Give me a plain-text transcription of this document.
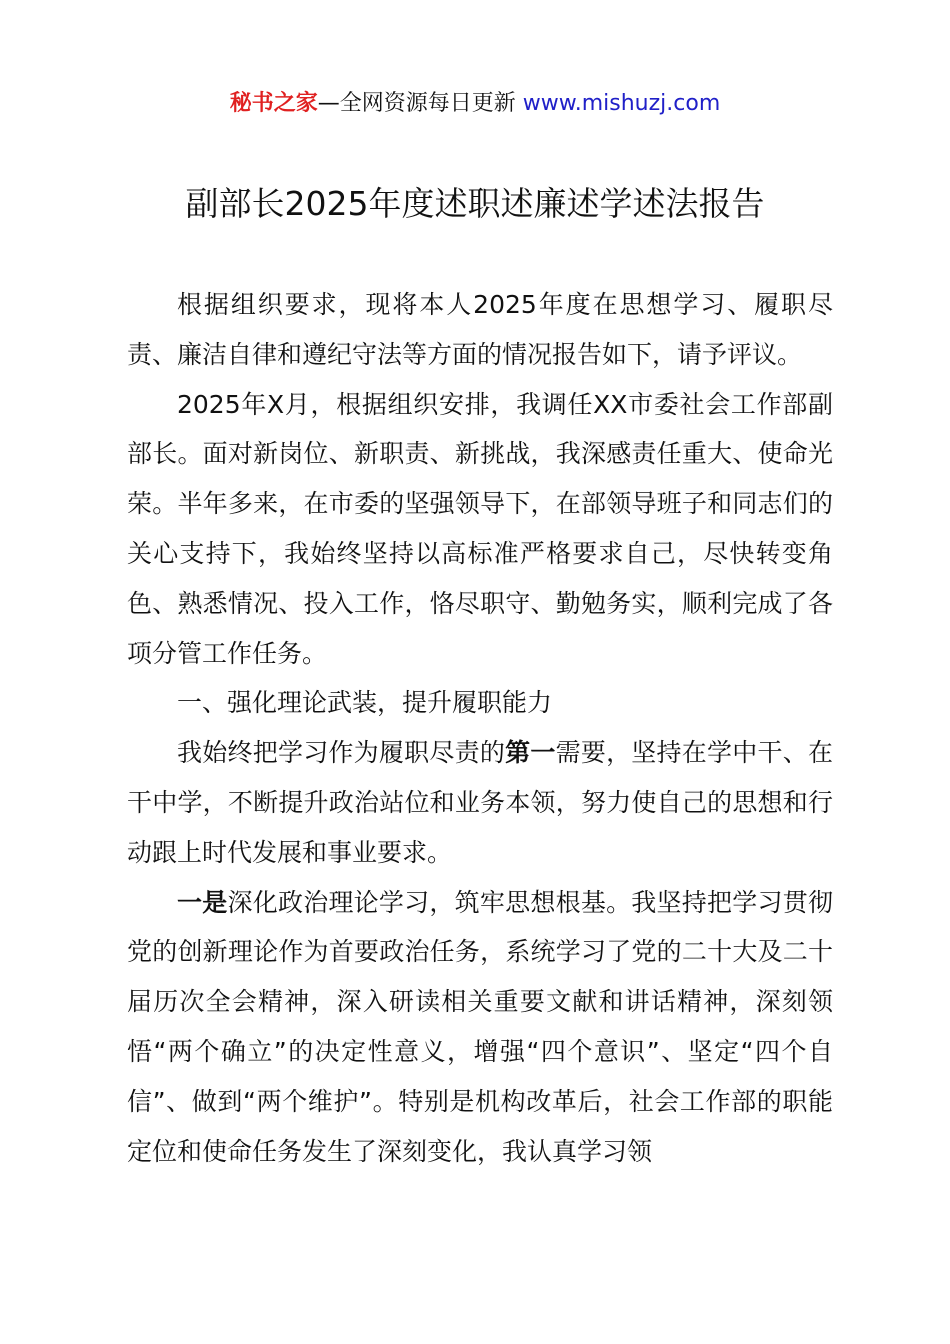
秘书之家—全网资源每日更新 www.mishuzj.com
副部长2025年度述职述廉述学述法报告

根据组织要求，现将本人2025年度在思想学习、履职尽责、廉洁自律和遵纪守法等方面的情况报告如下，请予评议。

2025年X月，根据组织安排，我调任XX市委社会工作部副部长。面对新岗位、新职责、新挑战，我深感责任重大、使命光荣。半年多来，在市委的坚强领导下，在部领导班子和同志们的关心支持下，我始终坚持以高标准严格要求自己，尽快转变角色、熟悉情况、投入工作，恪尽职守、勤勉务实，顺利完成了各项分管工作任务。

一、强化理论武装，提升履职能力

我始终把学习作为履职尽责的第一需要，坚持在学中干、在干中学，不断提升政治站位和业务本领，努力使自己的思想和行动跟上时代发展和事业要求。

一是深化政治理论学习，筑牢思想根基。我坚持把学习贯彻党的创新理论作为首要政治任务，系统学习了党的二十大及二十届历次全会精神，深入研读相关重要文献和讲话精神，深刻领悟“两个确立”的决定性意义，增强“四个意识”、坚定“四个自信”、做到“两个维护”。特别是机构改革后，社会工作部的职能定位和使命任务发生了深刻变化，我认真学习领
